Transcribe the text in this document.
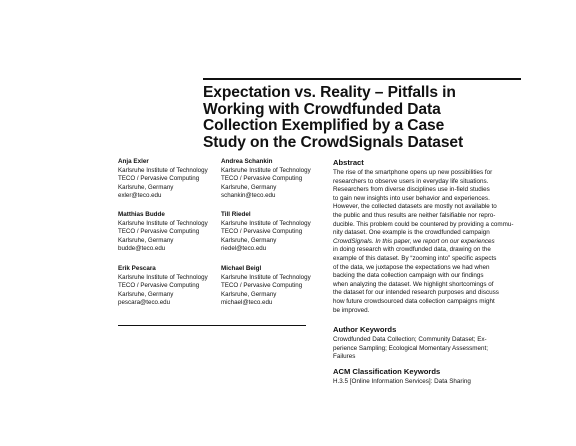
Expectation vs. Reality – Pitfalls in
Working with Crowdfunded Data
Collection Exemplified by a Case
Study on the CrowdSignals Dataset
Anja Exler
Karlsruhe Institute of Technology
TECO / Pervasive Computing
Karlsruhe, Germany
exler@teco.edu
Andrea Schankin
Karlsruhe Institute of Technology
TECO / Pervasive Computing
Karlsruhe, Germany
schankin@teco.edu
Matthias Budde
Karlsruhe Institute of Technology
TECO / Pervasive Computing
Karlsruhe, Germany
budde@teco.edu
Till Riedel
Karlsruhe Institute of Technology
TECO / Pervasive Computing
Karlsruhe, Germany
riedel@teco.edu
Erik Pescara
Karlsruhe Institute of Technology
TECO / Pervasive Computing
Karlsruhe, Germany
pescara@teco.edu
Michael Beigl
Karlsruhe Institute of Technology
TECO / Pervasive Computing
Karlsruhe, Germany
michael@teco.edu
Abstract
The rise of the smartphone opens up new possibilities for
researchers to observe users in everyday life situations.
Researchers from diverse disciplines use in-field studies
to gain new insights into user behavior and experiences.
However, the collected datasets are mostly not available to
the public and thus results are neither falsifiable nor repro-
ducible. This problem could be countered by providing a commu-
nity dataset. One example is the crowdfunded campaign
CrowdSignals. In this paper, we report on our experiences
in doing research with crowdfunded data, drawing on the
example of this dataset. By “zooming into” specific aspects
of the data, we juxtapose the expectations we had when
backing the data collection campaign with our findings
when analyzing the dataset. We highlight shortcomings of
the dataset for our intended research purposes and discuss
how future crowdsourced data collection campaigns might
be improved.
Author Keywords
Crowdfunded Data Collection; Community Dataset; Ex-
perience Sampling; Ecological Momentary Assessment;
Failures
ACM Classification Keywords
H.3.5 [Online Information Services]: Data Sharing
